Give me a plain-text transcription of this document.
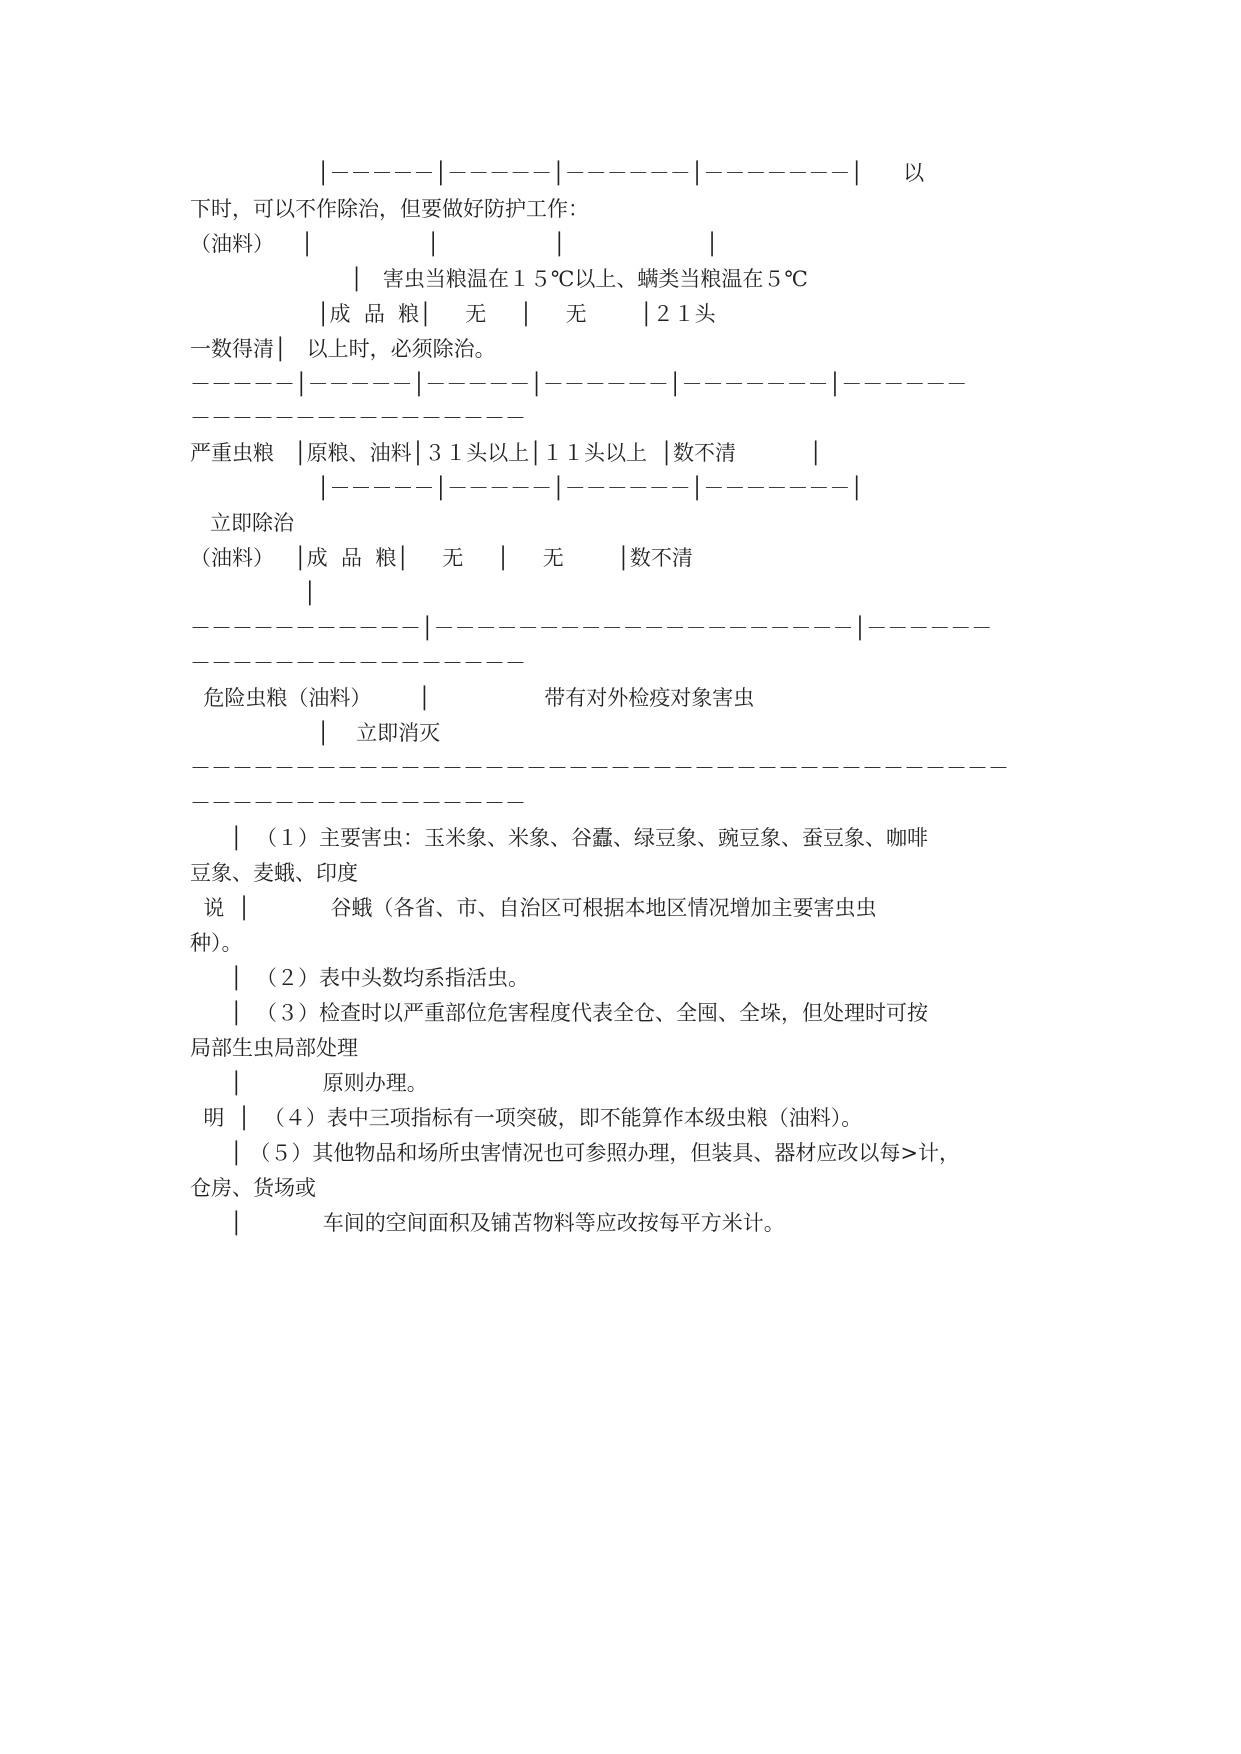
│－－－－－│－－－－－│－－－－－－│－－－－－－－│      以
下时，可以不作除治，但要做好防护工作：
（油料）    │                 │                 │                     │
│   害虫当粮温在１５℃以上、螨类当粮温在５℃
│成  品  粮│     无     │     无        │２１头
一数得清│   以上时，必须除治。
－－－－－│－－－－－│－－－－－│－－－－－－│－－－－－－－│－－－－－－
－－－－－－－－－－－－－－－－
严重虫粮   │原粮、油料│３１头以上│１１头以上  │数不清           │
│－－－－－│－－－－－│－－－－－－│－－－－－－－│
立即除治
（油料）   │成  品  粮│     无     │     无        │数不清
│
－－－－－－－－－－－│－－－－－－－－－－－－－－－－－－－－│－－－－－－
－－－－－－－－－－－－－－－－
危险虫粮（油料）       │                 带有对外检疫对象害虫
│    立即消灭
－－－－－－－－－－－－－－－－－－－－－－－－－－－－－－－－－－－－－－－
－－－－－－－－－－－－－－－－
│  （１）主要害虫：玉米象、米象、谷蠹、绿豆象、豌豆象、蚕豆象、咖啡
豆象、麦蛾、印度
说  │            谷蛾（各省、市、自治区可根据本地区情况增加主要害虫虫
种）。
│  （２）表中头数均系指活虫。
│  （３）检查时以严重部位危害程度代表全仓、全囤、全垛，但处理时可按
局部生虫局部处理
│            原则办理。
明  │  （４）表中三项指标有一项突破，即不能算作本级虫粮（油料）。
│ （５）其他物品和场所虫害情况也可参照办理，但装具、器材应改以每>计，
仓房、货场或
│            车间的空间面积及铺苫物料等应改按每平方米计。
